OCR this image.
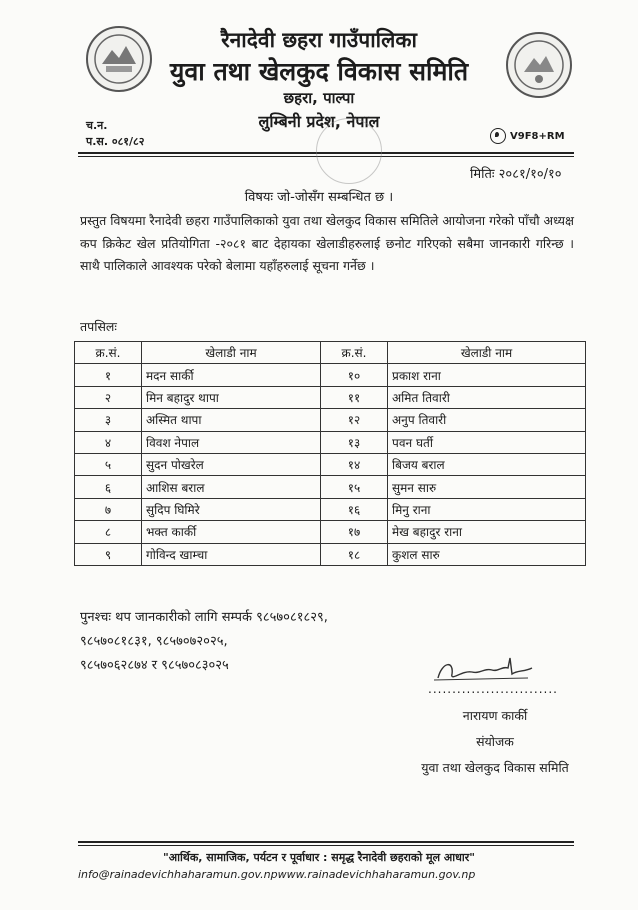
रैनादेवी छहरा गाउँपालिका
युवा तथा खेलकुद विकास समिति
छहरा, पाल्पा
लुम्बिनी प्रदेश, नेपाल
च.न.
प.स. ०८१/८२	V9F8+RM
मितिः २०८१/१०/१०
विषयः जो-जोसँग सम्बन्धित छ ।
प्रस्तुत विषयमा रैनादेवी छहरा गाउँपालिकाको युवा तथा खेलकुद विकास समितिले आयोजना गरेको पाँचौ अध्यक्ष कप क्रिकेट खेल प्रतियोगिता -२०८१ बाट देहायका खेलाडीहरुलाई छनोट गरिएको सबैमा जानकारी गरिन्छ । साथै पालिकाले आवश्यक परेको बेलामा यहाँहरुलाई सूचना गर्नेछ ।
तपसिलः
क्र.सं.	खेलाडी नाम	क्र.सं.	खेलाडी नाम
१	मदन सार्की	१०	प्रकाश राना
२	मिन बहादुर थापा	११	अमित तिवारी
३	अस्मित थापा	१२	अनुप तिवारी
४	विवश नेपाल	१३	पवन घर्ती
५	सुदन पोखरेल	१४	बिजय बराल
६	आशिस बराल	१५	सुमन सारु
७	सुदिप घिमिरे	१६	मिनु राना
८	भक्त कार्की	१७	मेख बहादुर राना
९	गोविन्द खाम्चा	१८	कुशल सारु
पुनश्चः थप जानकारीको लागि सम्पर्क ९८५७०८१८२९,
९८५७०८१८३१, ९८५७०७२०२५,
९८५७०६२८७४ र ९८५७०८३०२५
...........................
नारायण कार्की
संयोजक
युवा तथा खेलकुद विकास समिति
"आर्थिक, सामाजिक, पर्यटन र पूर्वाधार : समृद्ध रैनादेवी छहराको मूल आधार"
info@rainadevichhaharamun.gov.npwww.rainadevichhaharamun.gov.np
